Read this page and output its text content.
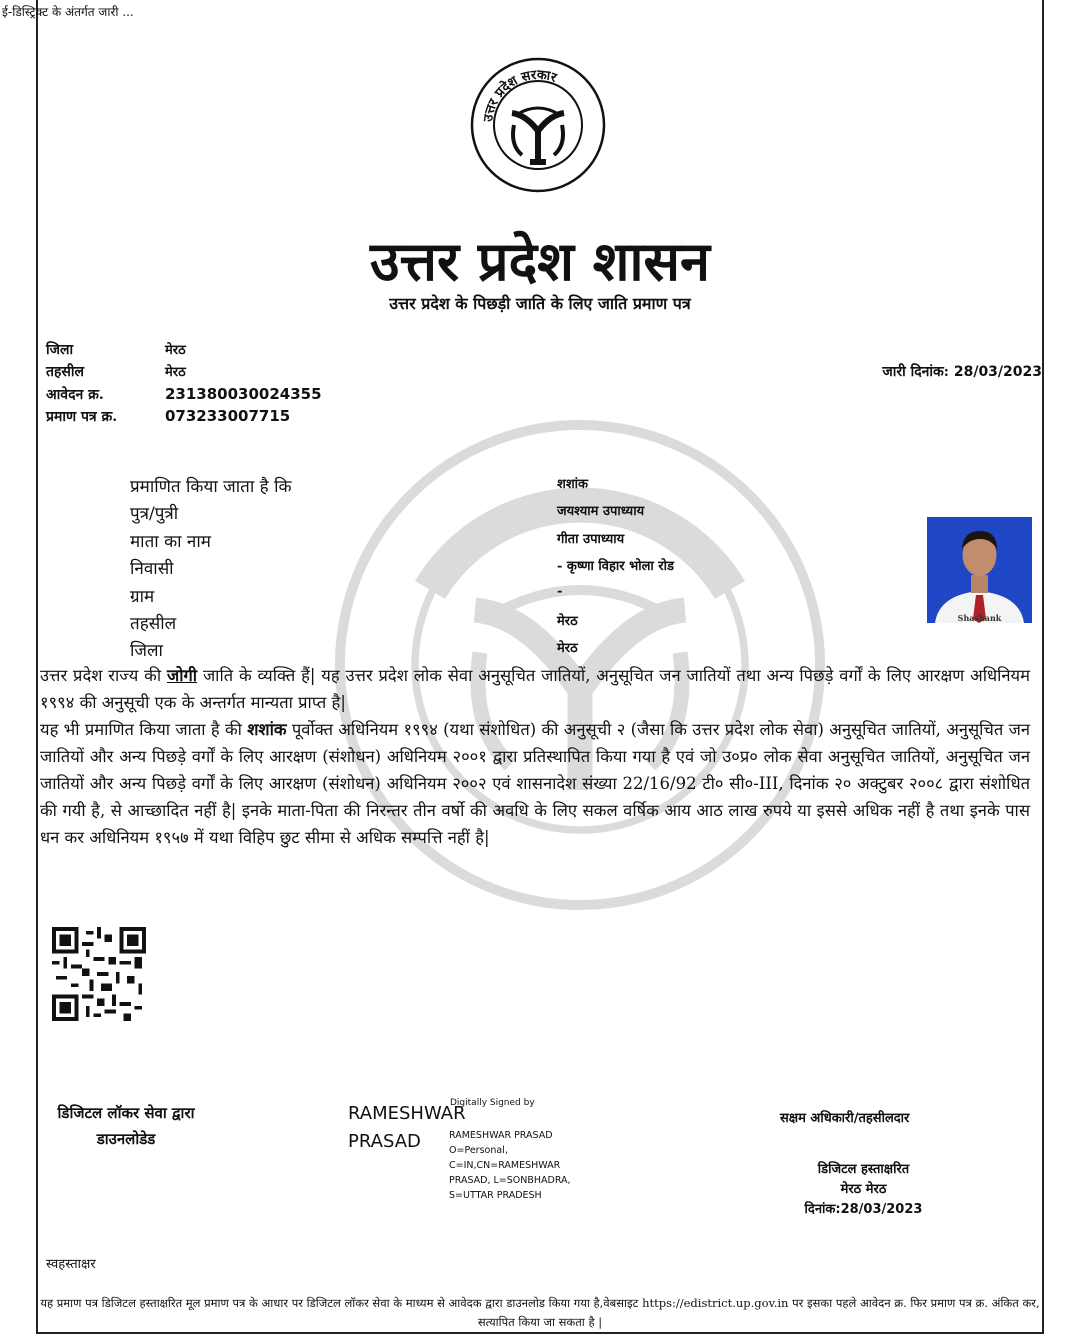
ई-डिस्ट्रिक्ट के अंतर्गत जारी ...
उत्तर प्रदेश सरकार
उत्तर प्रदेश शासन
उत्तर प्रदेश के पिछड़ी जाति के लिए जाति प्रमाण पत्र
जिला	मेरठ
तहसील	मेरठ
आवेदन क्र.	231380030024355
प्रमाण पत्र क्र.	073233007715
जारी दिनांक: 28/03/2023
प्रमाणित किया जाता है कि	शशांक
पुत्र/पुत्री	जयश्याम उपाध्याय
माता का नाम	गीता उपाध्याय
निवासी	- कृष्णा विहार भोला रोड
ग्राम	-
तहसील	मेरठ
जिला	मेरठ
Shashank
उत्तर प्रदेश राज्य की जोगी जाति के व्यक्ति हैं| यह उत्तर प्रदेश लोक सेवा अनुसूचित जातियों, अनुसूचित जन जातियों तथा अन्य पिछड़े वर्गों के लिए आरक्षण अधिनियम १९९४ की अनुसूची एक के अन्तर्गत मान्यता प्राप्त है|
यह भी प्रमाणित किया जाता है की शशांक पूर्वोक्त अधिनियम १९९४ (यथा संशोधित) की अनुसूची २ (जैसा कि उत्तर प्रदेश लोक सेवा) अनुसूचित जातियों, अनुसूचित जन जातियों और अन्य पिछड़े वर्गों के लिए आरक्षण (संशोधन) अधिनियम २००१ द्वारा प्रतिस्थापित किया गया है एवं जो उ०प्र० लोक सेवा अनुसूचित जातियों, अनुसूचित जन जातियों और अन्य पिछड़े वर्गों के लिए आरक्षण (संशोधन) अधिनियम २००२ एवं शासनादेश संख्या 22/16/92 टी० सी०-III, दिनांक २० अक्टुबर २००८ द्वारा संशोधित की गयी है, से आच्छादित नहीं है| इनके माता-पिता की निरन्तर तीन वर्षो की अवधि के लिए सकल वर्षिक आय आठ लाख रुपये या इससे अधिक नहीं है तथा इनके पास धन कर अधिनियम १९५७ में यथा विहिप छुट सीमा से अधिक सम्पत्ति नहीं है|
डिजिटल लॉकर सेवा द्वारा डाउनलोडेड
RAMESHWAR
PRASAD
Digitally Signed by
RAMESHWAR PRASAD O=Personal, C=IN,CN=RAMESHWAR PRASAD, L=SONBHADRA, S=UTTAR PRADESH
सक्षम अधिकारी/तहसीलदार
डिजिटल हस्ताक्षरित
मेरठ मेरठ
दिनांक:28/03/2023
स्वहस्ताक्षर
यह प्रमाण पत्र डिजिटल हस्ताक्षरित मूल प्रमाण पत्र के आधार पर डिजिटल लॉकर सेवा के माध्यम से आवेदक द्वारा डाउनलोड किया गया है,वेबसाइट https://edistrict.up.gov.in पर इसका पहले आवेदन क्र. फिर प्रमाण पत्र क्र. अंकित कर, सत्यापित किया जा सकता है |
